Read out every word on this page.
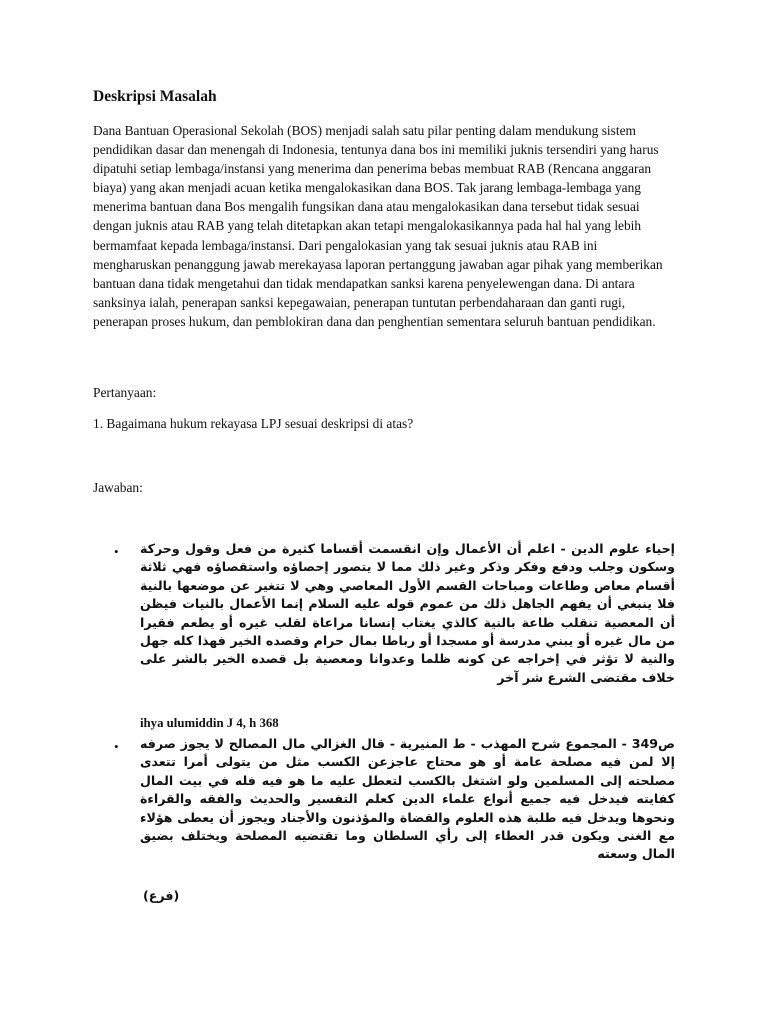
Deskripsi Masalah

Dana Bantuan Operasional Sekolah (BOS) menjadi salah satu pilar penting dalam mendukung sistem pendidikan dasar dan menengah di Indonesia, tentunya dana bos ini memiliki juknis tersendiri yang harus dipatuhi setiap lembaga/instansi yang menerima dan penerima bebas membuat RAB (Rencana anggaran biaya) yang akan menjadi acuan ketika mengalokasikan dana BOS. Tak jarang lembaga-lembaga yang menerima bantuan dana Bos mengalih fungsikan dana atau mengalokasikan dana tersebut tidak sesuai dengan juknis atau RAB yang telah ditetapkan akan tetapi mengalokasikannya pada hal hal yang lebih bermamfaat kepada lembaga/instansi. Dari pengalokasian yang tak sesuai juknis atau RAB ini mengharuskan penanggung jawab merekayasa laporan pertanggung jawaban agar pihak yang memberikan bantuan dana tidak mengetahui dan tidak mendapatkan sanksi karena penyelewengan dana. Di antara sanksinya ialah, penerapan sanksi kepegawaian, penerapan tuntutan perbendaharaan dan ganti rugi, penerapan proses hukum, dan pemblokiran dana dan penghentian sementara seluruh bantuan pendidikan.

Pertanyaan:
1. Bagaimana hukum rekayasa LPJ sesuai deskripsi di atas?
Jawaban:
• إحياء علوم الدين - اعلم أن الأعمال وإن انقسمت أقساما كثيرة من فعل وقول وحركة وسكون وجلب ودفع وفكر وذكر وغير ذلك مما لا يتصور إحصاؤه واستقصاؤه فهي ثلاثة أقسام معاص وطاعات ومباحات القسم الأول المعاصي وهي لا تتغير عن موضعها بالنية فلا ينبغي أن يفهم الجاهل ذلك من عموم قوله عليه السلام إنما الأعمال بالنيات فيظن أن المعصية تنقلب طاعة بالنية كالذي يغتاب إنسانا مراعاة لقلب غيره أو يطعم فقيرا من مال غيره أو يبني مدرسة أو مسجدا أو رباطا بمال حرام وقصده الخير فهذا كله جهل والنية لا تؤثر في إخراجه عن كونه ظلما وعدوانا ومعصية بل قصده الخير بالشر على خلاف مقتضى الشرع شر آخر

ihya ulumiddin J 4, h 368
• ص349 - المجموع شرح المهذب - ط المنيرية - قال الغزالي مال المصالح لا يجوز صرفه إلا لمن فيه مصلحة عامة أو هو محتاج عاجزعن الكسب مثل من يتولى أمرا تتعدى مصلحته إلى المسلمين ولو اشتغل بالكسب لتعطل عليه ما هو فيه فله في بيت المال كفايته فيدخل فيه جميع أنواع علماء الدين كعلم التفسير والحديث والفقه والقراءة ونحوها ويدخل فيه طلبة هذه العلوم والقضاة والمؤذنون والأجناد ويجوز أن يعطى هؤلاء مع الغنى ويكون قدر العطاء إلى رأي السلطان وما تقتضيه المصلحة ويختلف بضيق المال وسعته

(فرع)
